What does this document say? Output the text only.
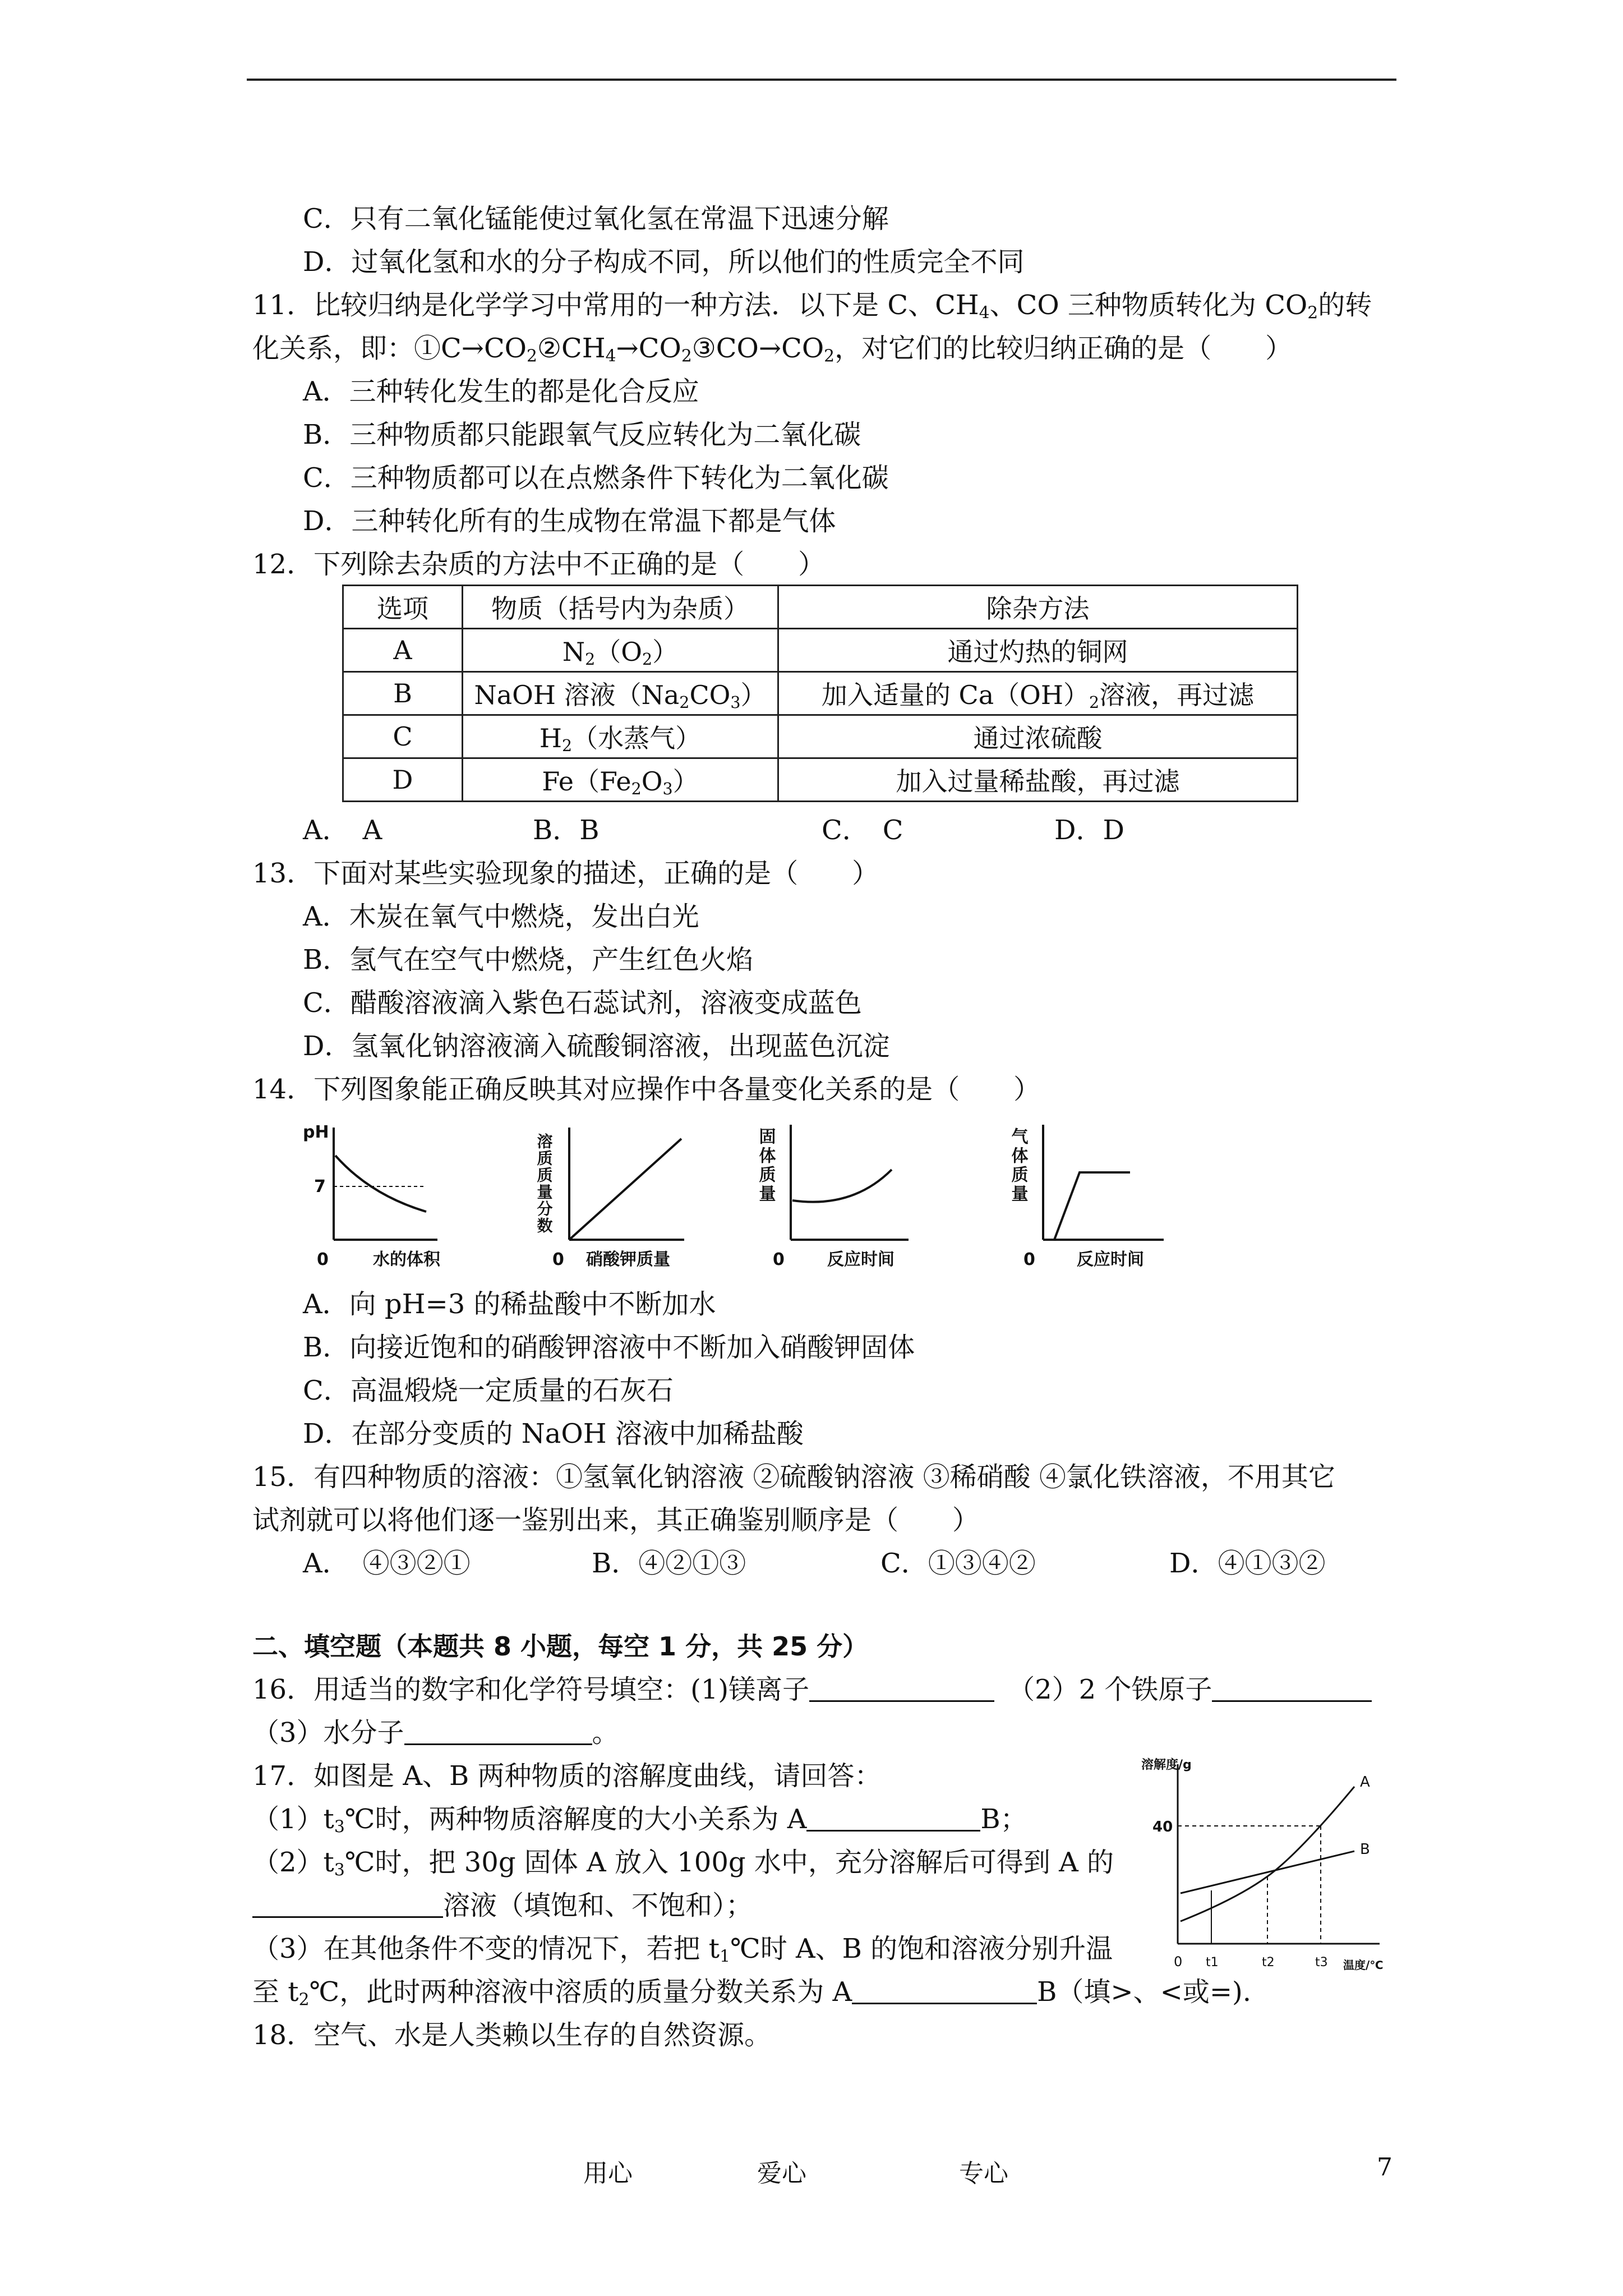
C．只有二氧化锰能使过氧化氢在常温下迅速分解
D．过氧化氢和水的分子构成不同，所以他们的性质完全不同
11．比较归纳是化学学习中常用的一种方法．以下是 C、$CH_4$、CO 三种物质转化为 $CO_2$的转
化关系，即：$①C\to CO_2②CH_4\to CO_2③CO\to CO_2$，对它们的比较归纳正确的是（　　）
A．三种转化发生的都是化合反应
B．三种物质都只能跟氧气反应转化为二氧化碳
C．三种物质都可以在点燃条件下转化为二氧化碳
D．三种转化所有的生成物在常温下都是气体
12．下列除去杂质的方法中不正确的是（　　）
选项	物质（括号内为杂质）	除杂方法
A	$N_2(O_2)$	通过灼热的铜网
B	NaOH 溶液$(Na_2CO_3)$	加入适量的 $Ca(OH)_2$溶液，再过滤
C	$H_2$（水蒸气）	通过浓硫酸
D	$Fe(Fe_2O_3)$	加入过量稀盐酸，再过滤
A．　A	B．B	C．　C	D．D
13．下面对某些实验现象的描述，正确的是（　　）
A．木炭在氧气中燃烧，发出白光
B．氢气在空气中燃烧，产生红色火焰
C．醋酸溶液滴入紫色石蕊试剂，溶液变成蓝色
D．氢氧化钠溶液滴入硫酸铜溶液，出现蓝色沉淀
14．下列图象能正确反映其对应操作中各量变化关系的是（　　）
pH
7
0	水的体积
溶质质量分数
0 硝酸钾质量
固体质量
0	反应时间
气体质量
0 反应时间
A．向 pH=3 的稀盐酸中不断加水
B．向接近饱和的硝酸钾溶液中不断加入硝酸钾固体
C．高温煅烧一定质量的石灰石
D．在部分变质的 NaOH 溶液中加稀盐酸
15．有四种物质的溶液：①氢氧化钠溶液 ②硫酸钠溶液 ③稀硝酸 ④氯化铁溶液，不用其它
试剂就可以将他们逐一鉴别出来，其正确鉴别顺序是（　　）
A．　④③②①	B．④②①③	C．①③④②	D．④①③②
二、填空题（本题共 8 小题，每空 1 分，共 25 分）
16．用适当的数字和化学符号填空：(1)镁离子　	（2）2 个铁原子
（3）水分子	。
17．如图是 A、B 两种物质的溶解度曲线，请回答：
$(1)t_3℃$时，两种物质溶解度的大小关系为 A	B；
$(2)t_3℃$时，把 30g 固体 A 放入 100g 水中，充分溶解后可得到 A 的
溶液（填饱和、不饱和）；
（3）在其他条件不变的情况下，若把 $t_1℃$时 A、B 的饱和溶液分别升温
至 $t_2℃$，此时两种溶液中溶质的质量分数关系为 A	B（填>、<或=).
溶解度/g
40
0 t1	t2	t3 温度/℃
A
B
18．空气、水是人类赖以生存的自然资源。
用心	爱心	专心	7
